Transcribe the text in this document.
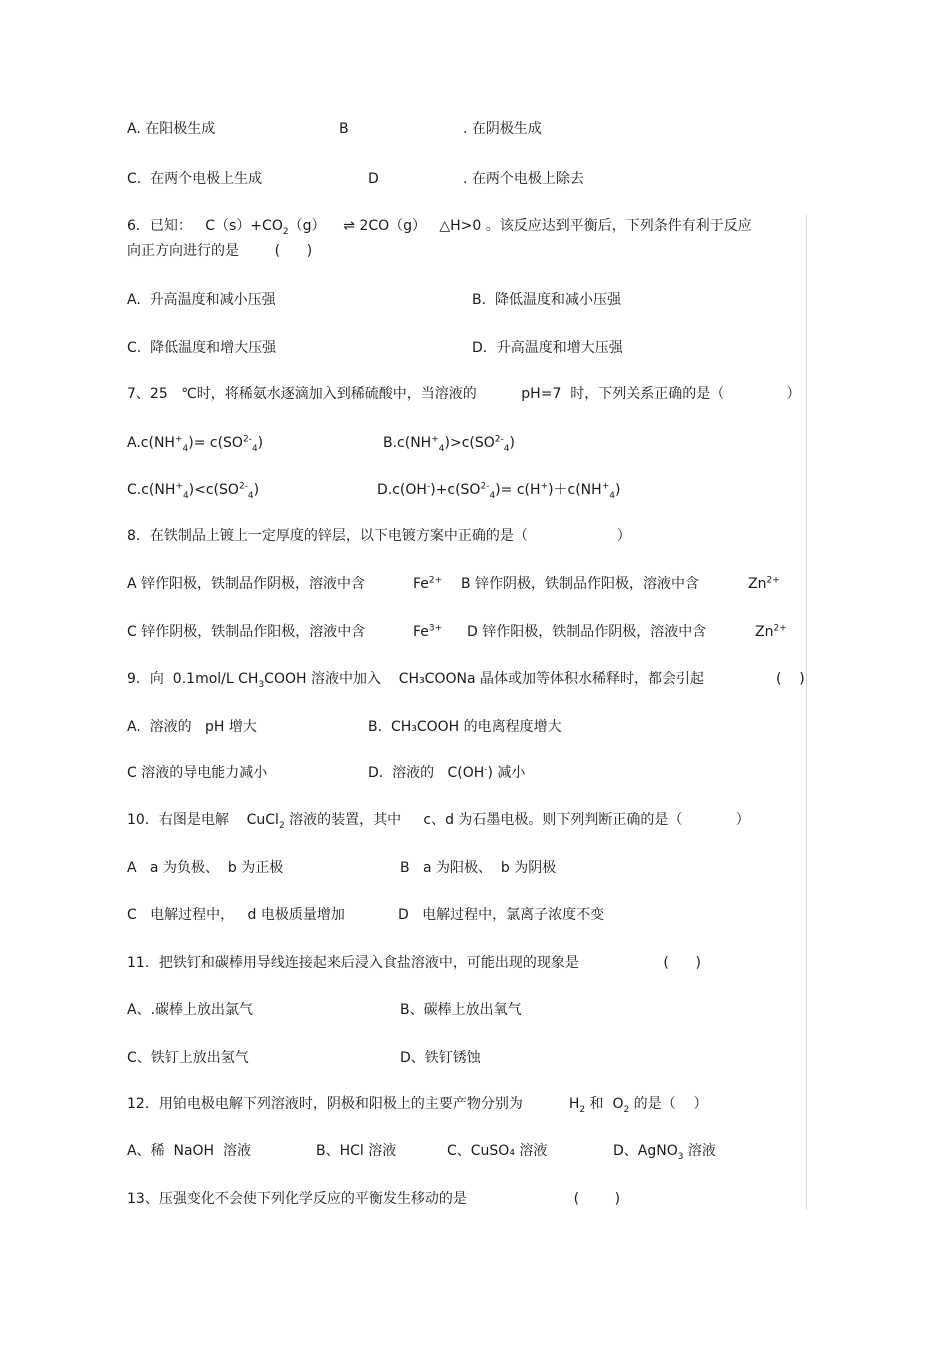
A. 在阳极生成	B	. 在阴极生成
C.  在两个电极上生成	D	. 在两个电极上除去
6．已知：   $C(s)+CO_2(g)$    ⇌ 2CO（g）   △H>0 。该反应达到平衡后，下列条件有利于反应
向正方向进行的是        (      )
A.  升高温度和减小压强	B.  降低温度和减小压强
C.  降低温度和增大压强	D．升高温度和增大压强
7、25   ℃时，将稀氨水逐滴加入到稀硫酸中，当溶液的          pH=7  时，下列关系正确的是（              ）
$A.c(NH^+_4)= c(SO^{2-}_4)$	$B.c(NH^+_4)>c(SO^{2-}_4)$
$C.c(NH^+_4)<c(SO^{2-}_4)$	$D.c(OH^-)+c(SO^{2-}_4)= c(H^+)+c(NH^+_4)$
8．在铁制品上镀上一定厚度的锌层，以下电镀方案中正确的是（                    ）
A 锌作阳极，铁制品作阴极，溶液中含	$Fe^{2+}$ B 锌作阴极，铁制品作阳极，溶液中含	$Zn^{2+}$
C 锌作阴极，铁制品作阳极，溶液中含	$Fe^{3+}$ D 锌作阳极，铁制品作阴极，溶液中含	$Zn^{2+}$
9．向  0.1mol/L $CH_3COOH$ 溶液中加入    CH₃COONa 晶体或加等体积水稀释时，都会引起	(    )
A.  溶液的   pH 增大	B.  CH₃COOH 的电离程度增大
C 溶液的导电能力减小	D.  溶液的   C(OH-) 减小
10．右图是电解    CuCl$_2$ 溶液的装置，其中     c、d 为石墨电极。则下列判断正确的是（            ）
A   a 为负极、  b 为正极	B   a 为阳极、  b 为阴极
C   电解过程中，   d 电极质量增加	D   电解过程中，氯离子浓度不变
11．把铁钉和碳棒用导线连接起来后浸入食盐溶液中，可能出现的现象是                   (      )
A、.碳棒上放出氯气	B、碳棒上放出氧气
C、铁钉上放出氢气	D、铁钉锈蚀
12．用铂电极电解下列溶液时，阴极和阳极上的主要产物分别为	$H_2$ 和  $O_2$ 的是（    ）
A、稀  NaOH  溶液	B、HCl 溶液	C、CuSO₄ 溶液	D、AgNO$_3$ 溶液
13、压强变化不会使下列化学反应的平衡发生移动的是                        (        )
